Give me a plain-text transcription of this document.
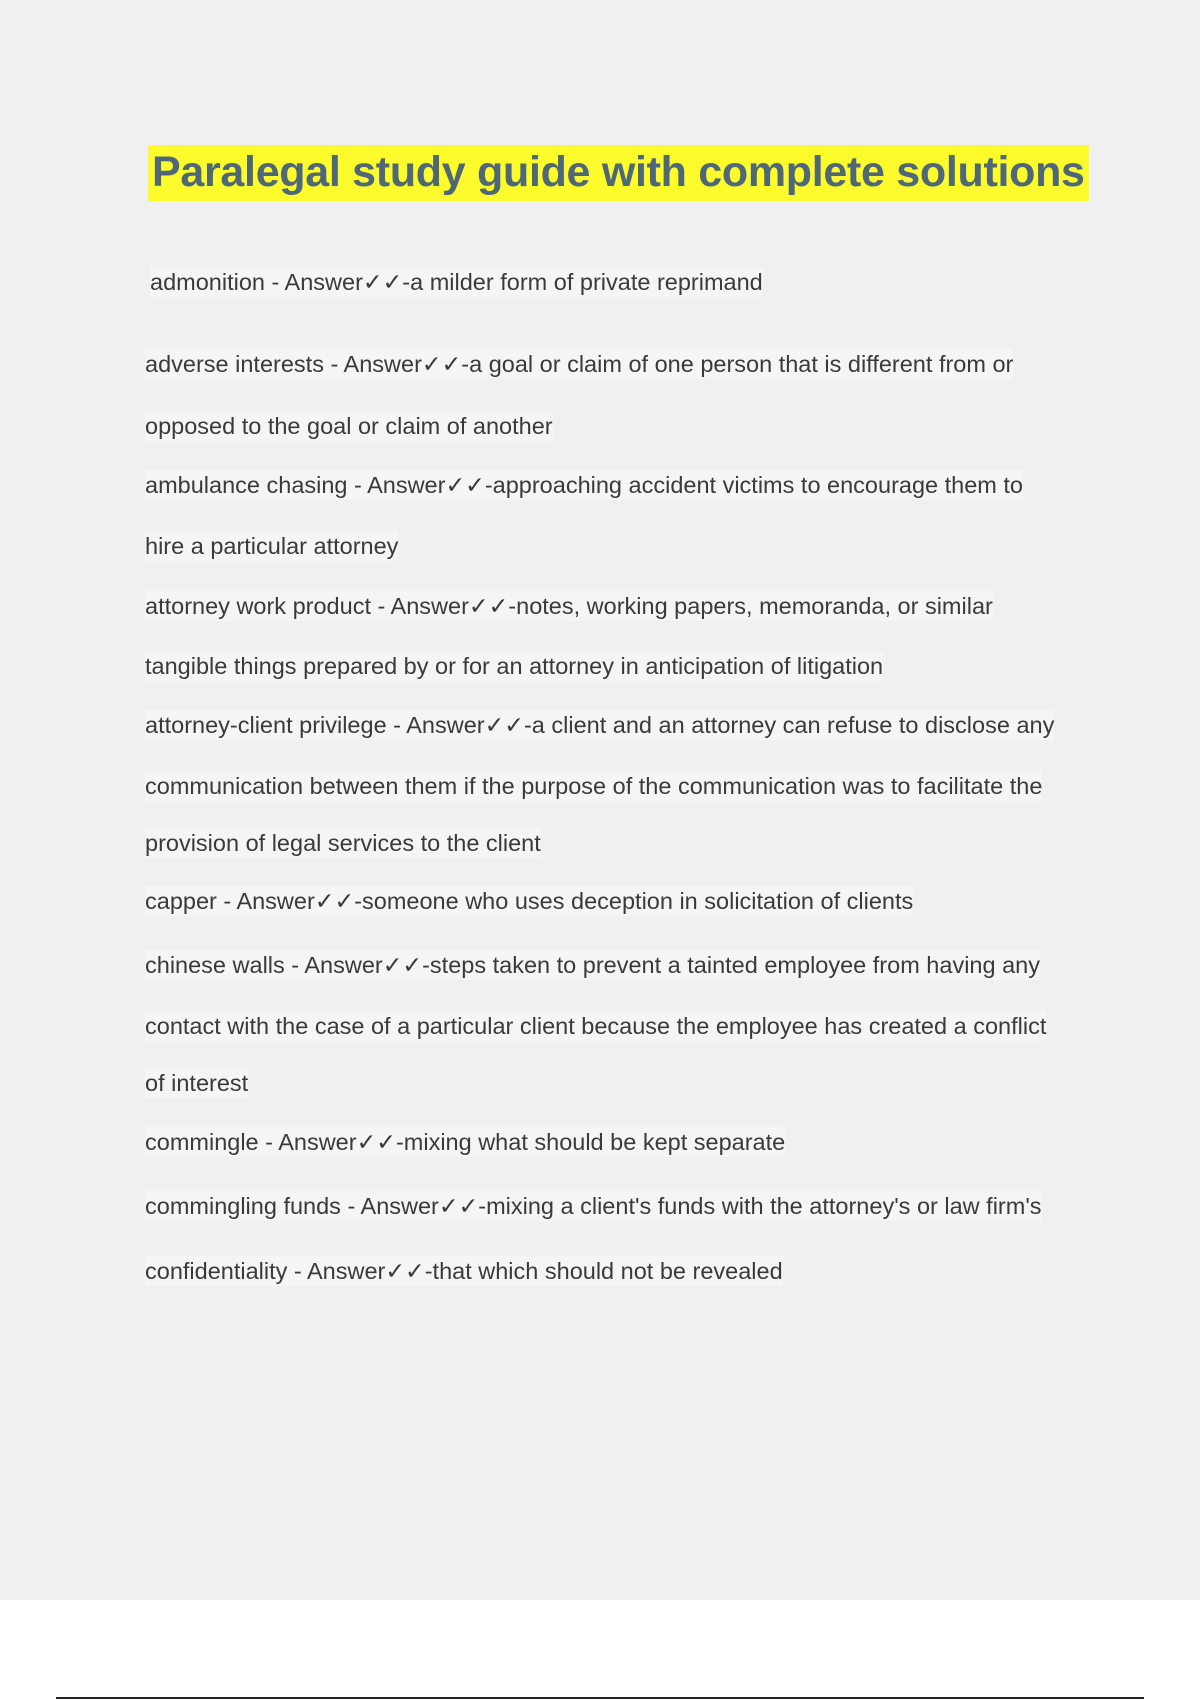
Paralegal study guide with complete solutions

admonition - Answer✓✓-a milder form of private reprimand

adverse interests - Answer✓✓-a goal or claim of one person that is different from or

opposed to the goal or claim of another

ambulance chasing - Answer✓✓-approaching accident victims to encourage them to

hire a particular attorney

attorney work product - Answer✓✓-notes, working papers, memoranda, or similar

tangible things prepared by or for an attorney in anticipation of litigation

attorney-client privilege - Answer✓✓-a client and an attorney can refuse to disclose any

communication between them if the purpose of the communication was to facilitate the

provision of legal services to the client

capper - Answer✓✓-someone who uses deception in solicitation of clients

chinese walls - Answer✓✓-steps taken to prevent a tainted employee from having any

contact with the case of a particular client because the employee has created a conflict

of interest

commingle - Answer✓✓-mixing what should be kept separate

commingling funds - Answer✓✓-mixing a client's funds with the attorney's or law firm's

confidentiality - Answer✓✓-that which should not be revealed
